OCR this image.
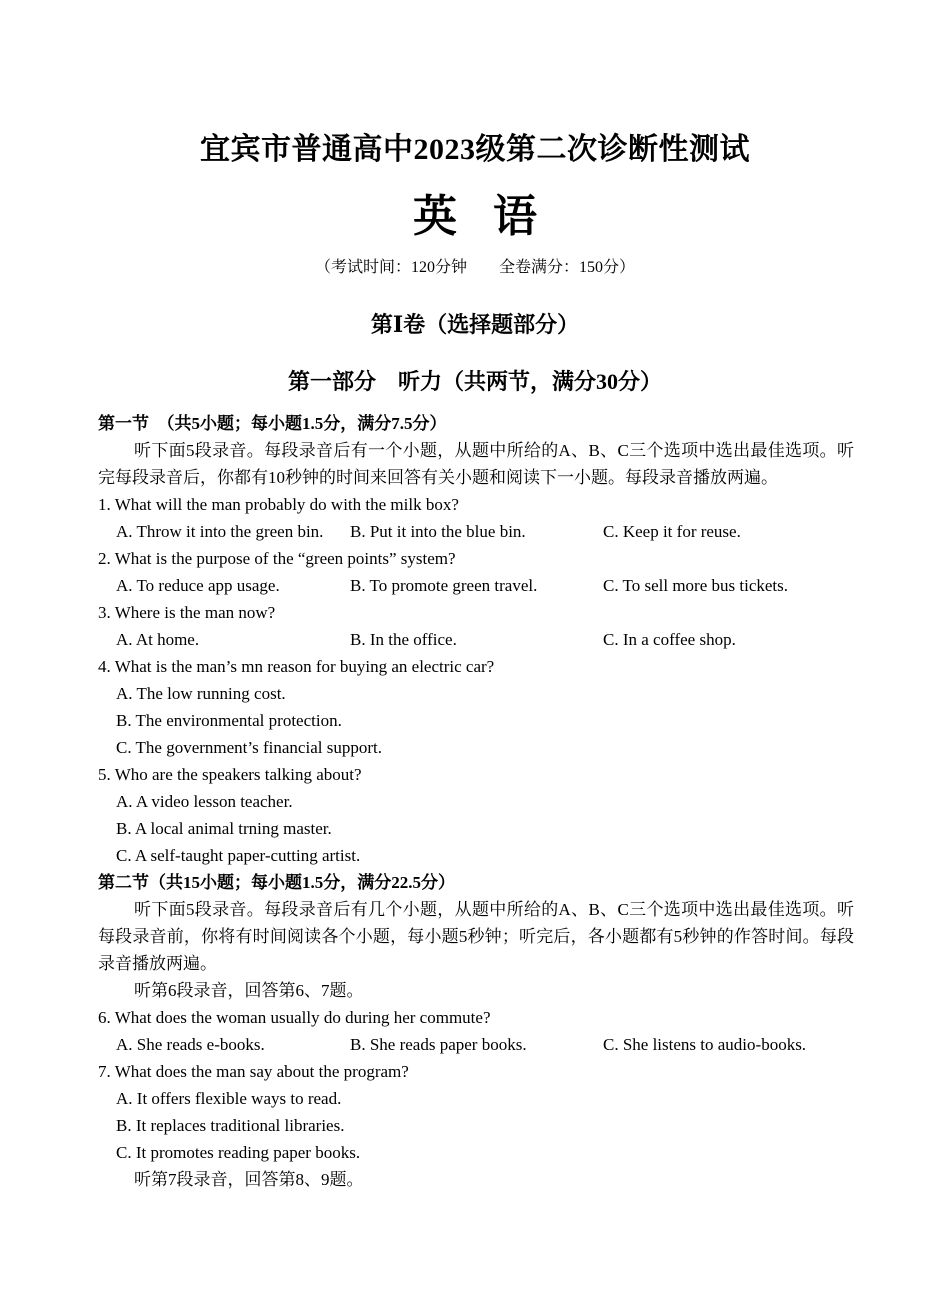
宜宾市普通高中2023级第二次诊断性测试
英语
（考试时间：120分钟　　全卷满分：150分）
第Ⅰ卷（选择题部分）
第一部分　听力（共两节，满分30分）
第一节　（共5小题；每小题1.5分，满分7.5分）
听下面5段录音。每段录音后有一个小题，从题中所给的A、B、C三个选项中选出最佳选项。听完每段录音后，你都有10秒钟的时间来回答有关小题和阅读下一小题。每段录音播放两遍。
1. What will the man probably do with the milk box?
A. Throw it into the green bin. B. Put it into the blue bin.	C. Keep it for reuse.
2. What is the purpose of the “green points” system?
A. To reduce app usage.	B. To promote green travel.	C. To sell more bus tickets.
3. Where is the man now?
A. At home.	B. In the office.	C. In a coffee shop.
4. What is the man’s mn reason for buying an electric car?
A. The low running cost.
B. The environmental protection.
C. The government’s financial support.
5. Who are the speakers talking about?
A. A video lesson teacher.
B. A local animal trning master.
C. A self-taught paper-cutting artist.
第二节（共15小题；每小题1.5分，满分22.5分）
听下面5段录音。每段录音后有几个小题，从题中所给的A、B、C三个选项中选出最佳选项。听每段录音前，你将有时间阅读各个小题，每小题5秒钟；听完后，各小题都有5秒钟的作答时间。每段录音播放两遍。
听第6段录音，回答第6、7题。
6. What does the woman usually do during her commute?
A. She reads e-books.	B. She reads paper books.	C. She listens to audio-books.
7. What does the man say about the program?
A. It offers flexible ways to read.
B. It replaces traditional libraries.
C. It promotes reading paper books.
听第7段录音，回答第8、9题。
